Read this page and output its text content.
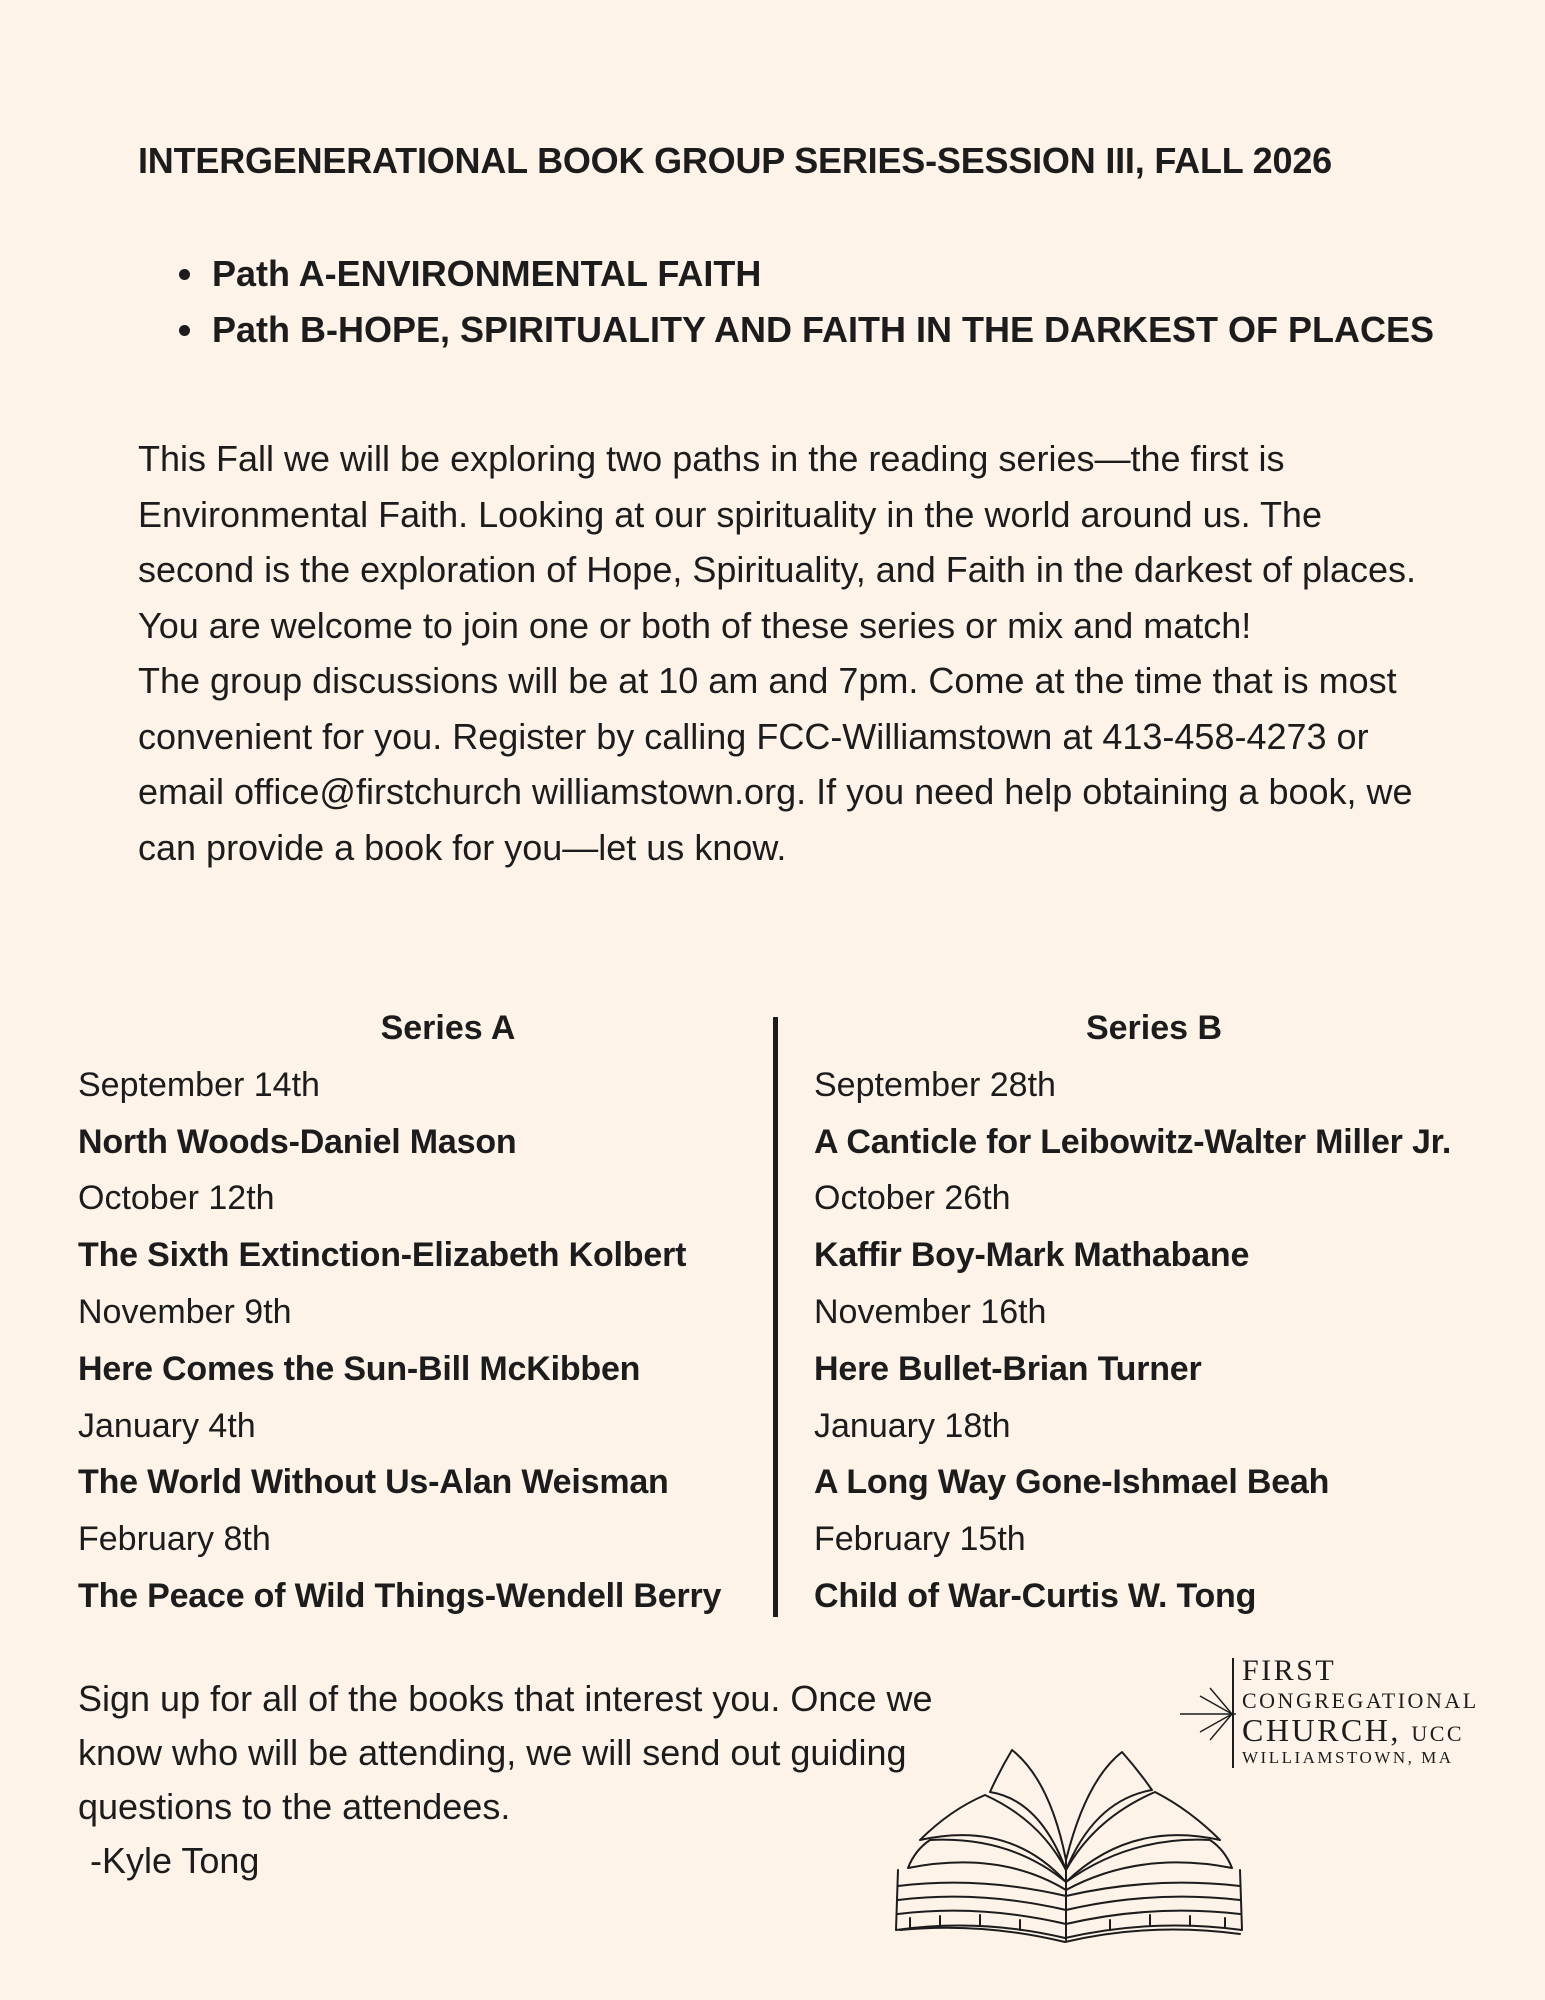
INTERGENERATIONAL BOOK GROUP SERIES-SESSION III, FALL 2026
• Path A-ENVIRONMENTAL FAITH
• Path B-HOPE, SPIRITUALITY AND FAITH IN THE DARKEST OF PLACES

This Fall we will be exploring two paths in the reading series—the first is Environmental Faith. Looking at our spirituality in the world around us. The second is the exploration of Hope, Spirituality, and Faith in the darkest of places. You are welcome to join one or both of these series or mix and match!

The group discussions will be at 10 am and 7pm. Come at the time that is most convenient for you. Register by calling FCC-Williamstown at 413-458-4273 or email office@firstchurch williamstown.org. If you need help obtaining a book, we can provide a book for you—let us know.

Series A
September 14th
North Woods-Daniel Mason
October 12th
The Sixth Extinction-Elizabeth Kolbert
November 9th
Here Comes the Sun-Bill McKibben
January 4th
The World Without Us-Alan Weisman
February 8th
The Peace of Wild Things-Wendell Berry
Series B
September 28th
A Canticle for Leibowitz-Walter Miller Jr.
October 26th
Kaffir Boy-Mark Mathabane
November 16th
Here Bullet-Brian Turner
January 18th
A Long Way Gone-Ishmael Beah
February 15th
Child of War-Curtis W. Tong

Sign up for all of the books that interest you. Once we know who will be attending, we will send out guiding questions to the attendees.

-Kyle Tong

FIRST
CONGREGATIONAL
CHURCH, UCC
WILLIAMSTOWN, MA
